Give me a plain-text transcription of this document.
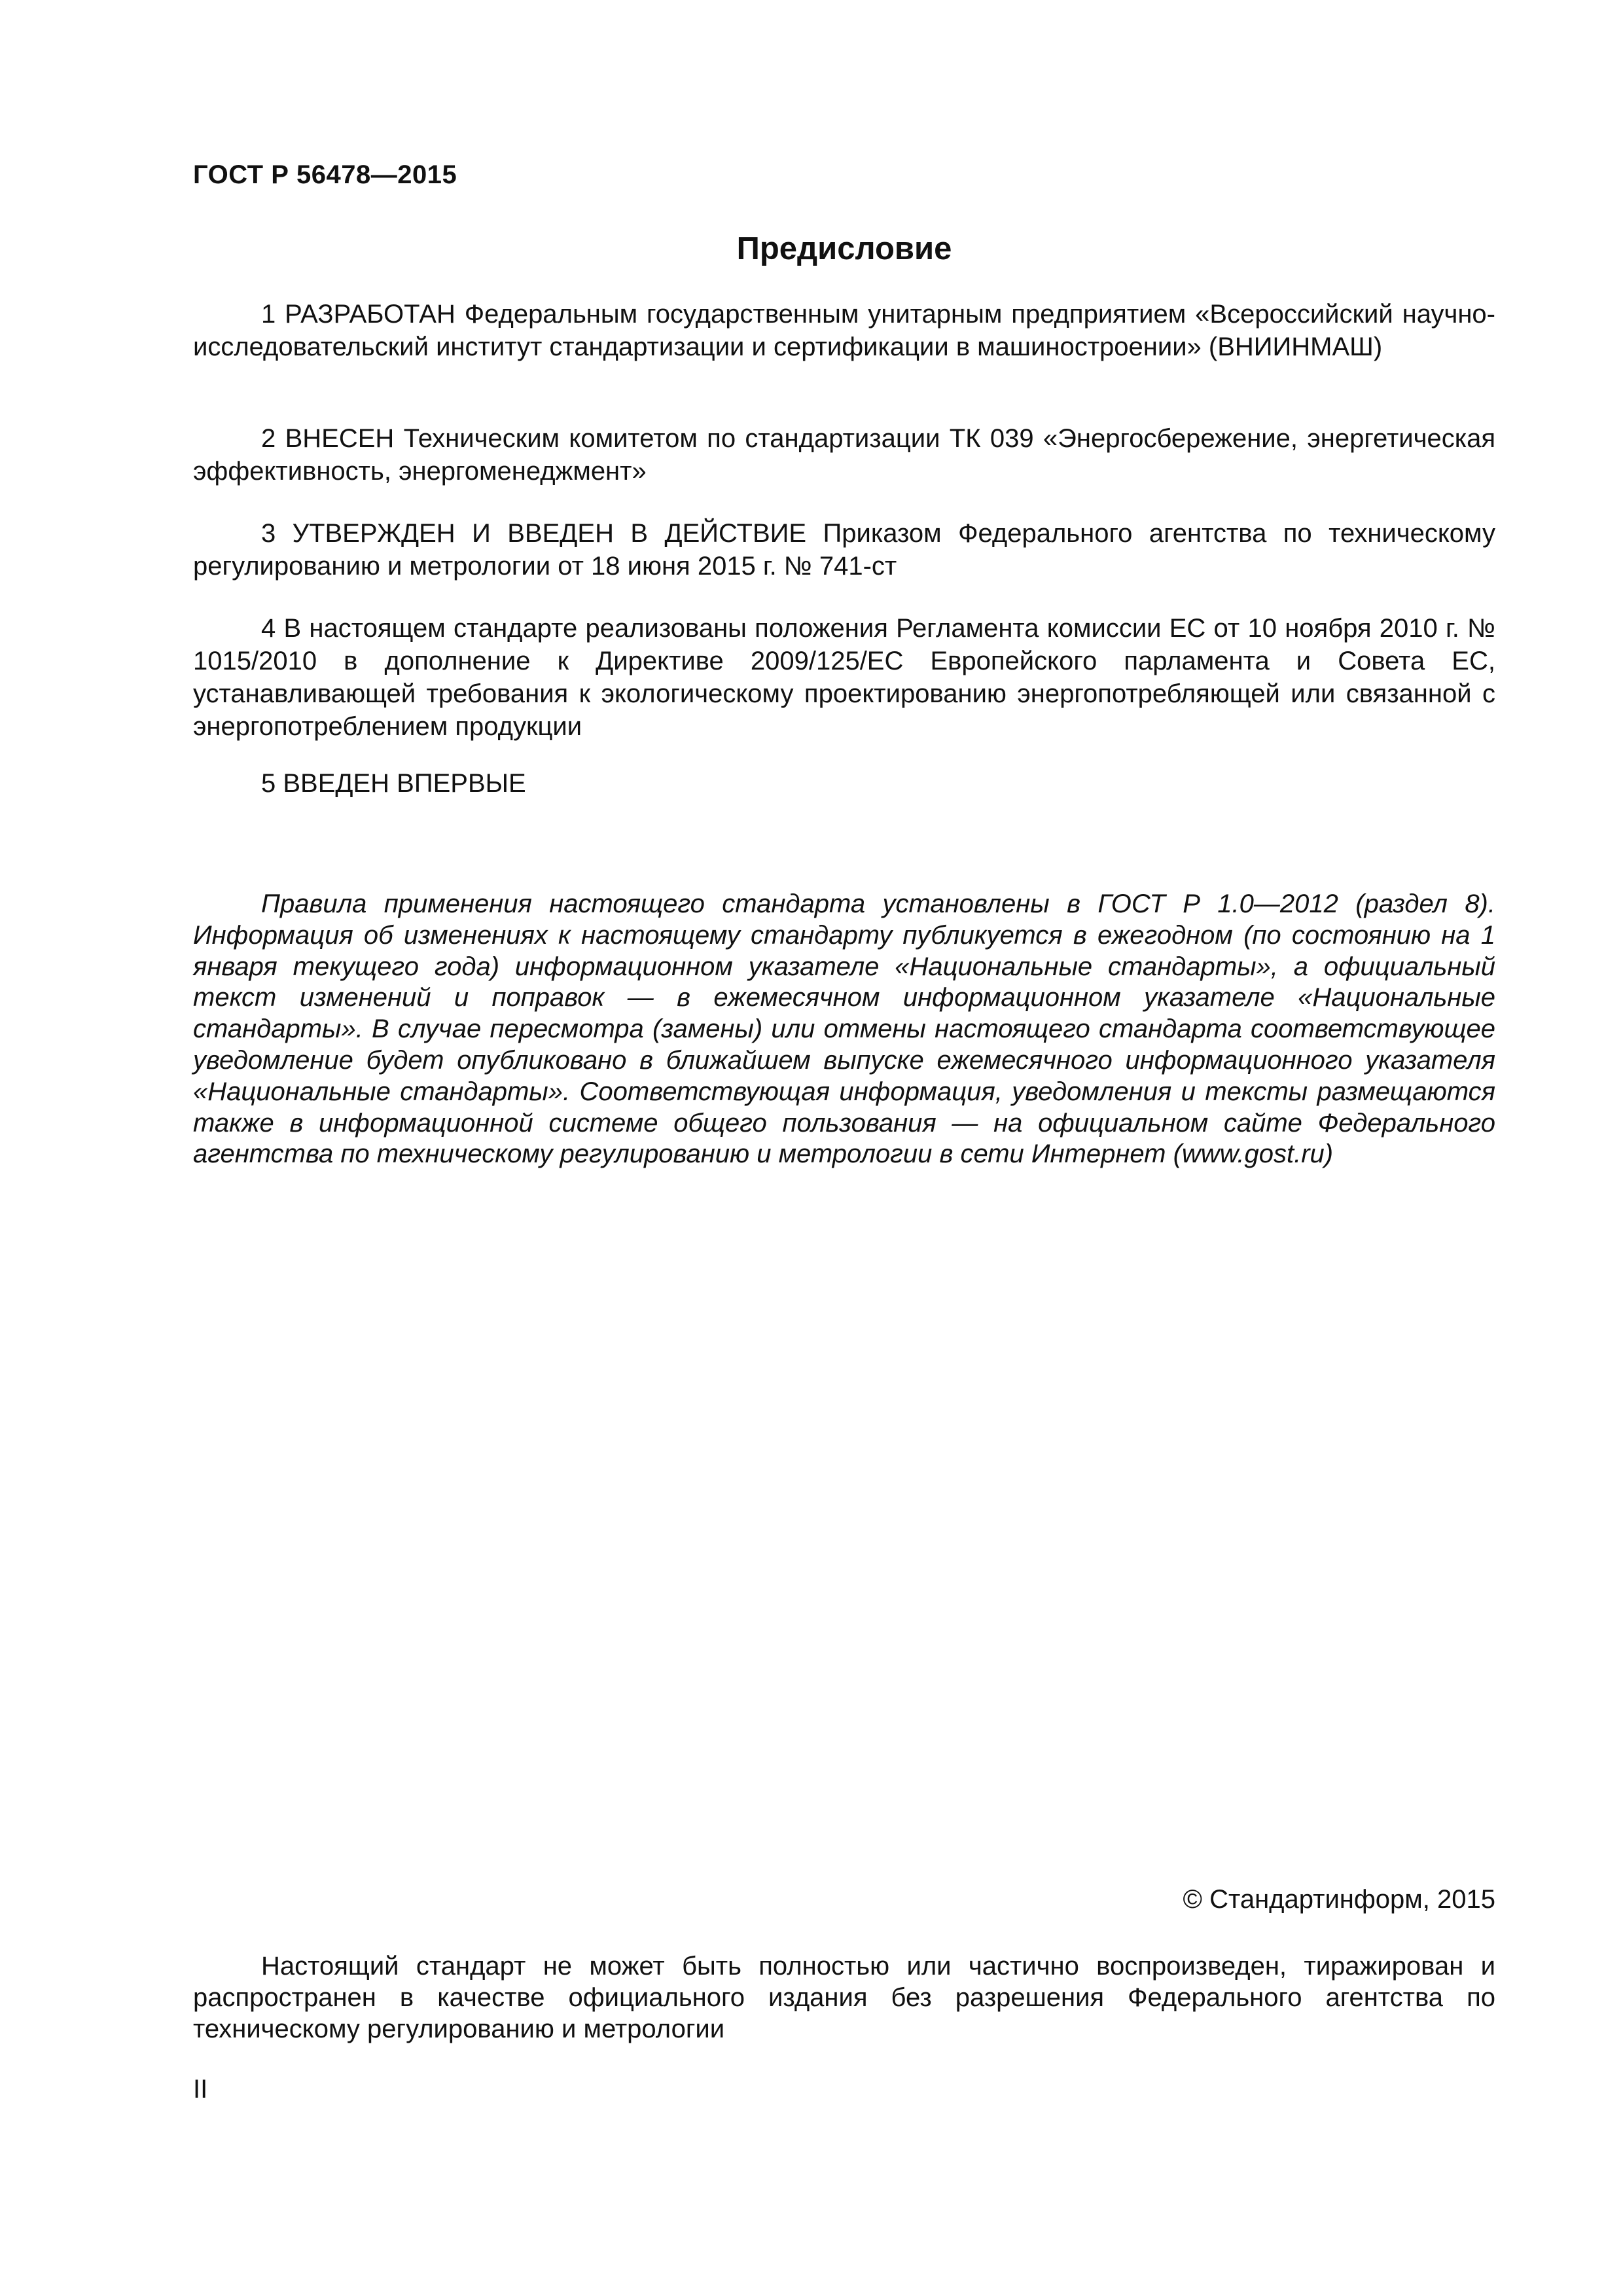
ГОСТ Р 56478—2015
Предисловие

1 РАЗРАБОТАН Федеральным государственным унитарным предприятием «Всероссийский научно-исследовательский институт стандартизации и сертификации в машиностроении» (ВНИИНМАШ)

2 ВНЕСЕН Техническим комитетом по стандартизации ТК 039 «Энергосбережение, энергетическая эффективность, энергоменеджмент»

3 УТВЕРЖДЕН И ВВЕДЕН В ДЕЙСТВИЕ Приказом Федерального агентства по техническому регулированию и метрологии от 18 июня 2015 г. № 741-ст

4 В настоящем стандарте реализованы положения Регламента комиссии ЕС от 10 ноября 2010 г. № 1015/2010 в дополнение к Директиве 2009/125/ЕС Европейского парламента и Совета ЕС, устанавливающей требования к экологическому проектированию энергопотребляющей или связанной с энергопотреблением продукции

5 ВВЕДЕН ВПЕРВЫЕ

Правила применения настоящего стандарта установлены в ГОСТ Р 1.0—2012 (раздел 8). Информация об изменениях к настоящему стандарту публикуется в ежегодном (по состоянию на 1 января текущего года) информационном указателе «Национальные стандарты», а официальный текст изменений и поправок — в ежемесячном информационном указателе «Национальные стандарты». В случае пересмотра (замены) или отмены настоящего стандарта соответствующее уведомление будет опубликовано в ближайшем выпуске ежемесячного информационного указателя «Национальные стандарты». Соответствующая информация, уведомления и тексты размещаются также в информационной системе общего пользования — на официальном сайте Федерального агентства по техническому регулированию и метрологии в сети Интернет (www.gost.ru)

© Стандартинформ, 2015

Настоящий стандарт не может быть полностью или частично воспроизведен, тиражирован и распространен в качестве официального издания без разрешения Федерального агентства по техническому регулированию и метрологии

II
